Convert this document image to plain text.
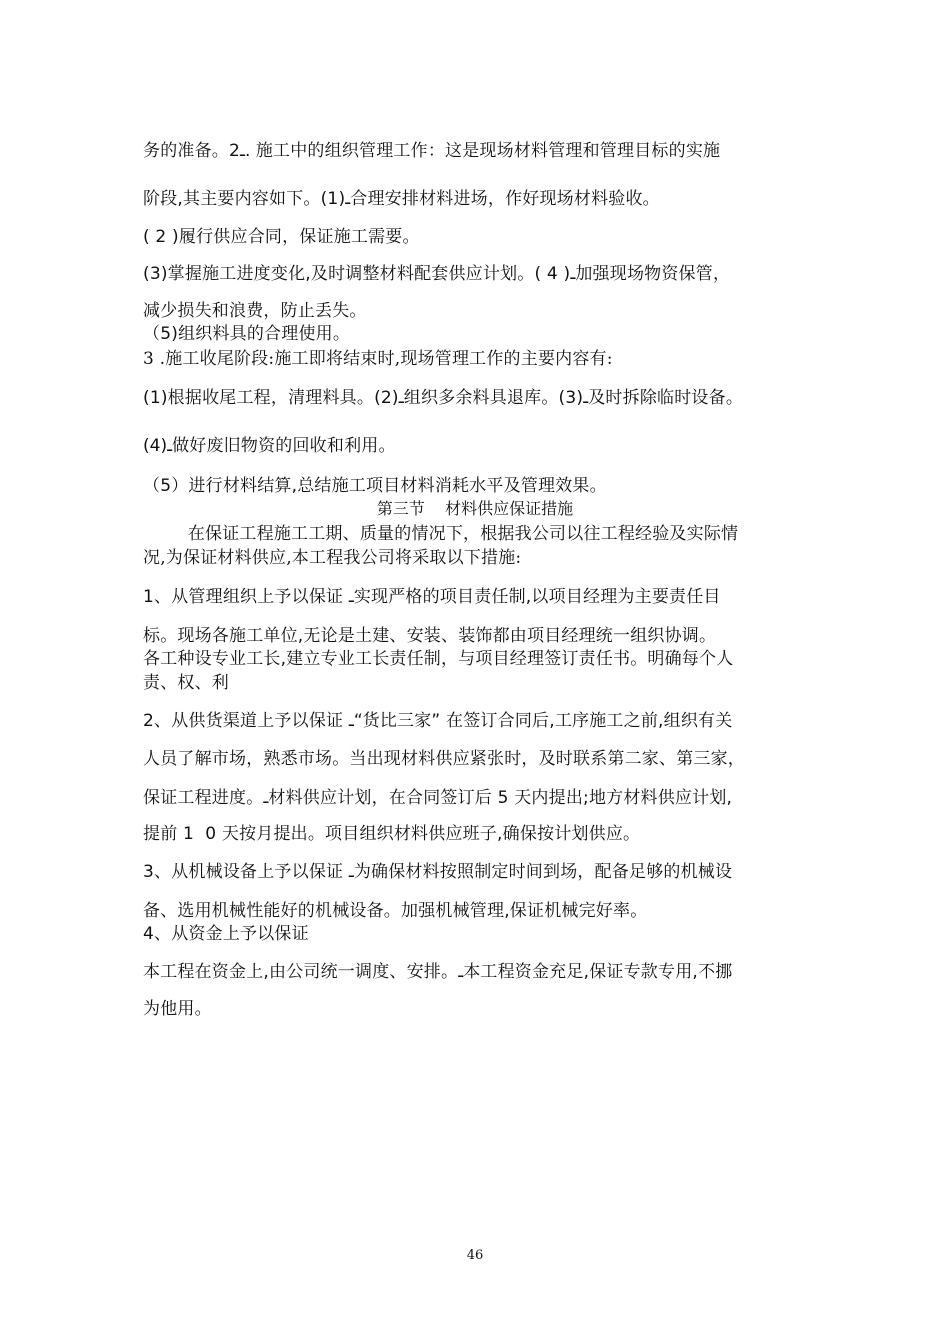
务的准备。2ـ. 施工中的组织管理工作：这是现场材料管理和管理目标的实施
阶段,其主要内容如下。(1)ـ合理安排材料进场，作好现场材料验收。
( 2 )履行供应合同，保证施工需要。
(3)掌握施工进度变化,及时调整材料配套供应计划。( 4 )ـ加强现场物资保管，
减少损失和浪费，防止丢失。
（5)组织料具的合理使用。
3 .施工收尾阶段:施工即将结束时,现场管理工作的主要内容有:
(1)根据收尾工程，清理料具。(2)ـ组织多余料具退库。(3)ـ及时拆除临时设备。
(4)ـ做好废旧物资的回收和利用。
（5）进行材料结算,总结施工项目材料消耗水平及管理效果。
第三节    材料供应保证措施
在保证工程施工工期、质量的情况下，根据我公司以往工程经验及实际情
况,为保证材料供应,本工程我公司将采取以下措施:
1、从管理组织上予以保证 ـ实现严格的项目责任制,以项目经理为主要责任目
标。现场各施工单位,无论是土建、安装、装饰都由项目经理统一组织协调。
各工种设专业工长,建立专业工长责任制，与项目经理签订责任书。明确每个人
责、权、利
2、从供货渠道上予以保证 ـ“货比三家” 在签订合同后,工序施工之前,组织有关
人员了解市场，熟悉市场。当出现材料供应紧张时，及时联系第二家、第三家，
保证工程进度。ـ材料供应计划，在合同签订后 5 天内提出;地方材料供应计划,
提前 1  0 天按月提出。项目组织材料供应班子,确保按计划供应。
3、从机械设备上予以保证 ـ为确保材料按照制定时间到场，配备足够的机械设
备、选用机械性能好的机械设备。加强机械管理,保证机械完好率。
4、从资金上予以保证
本工程在资金上,由公司统一调度、安排。ـ本工程资金充足,保证专款专用,不挪
为他用。
46
